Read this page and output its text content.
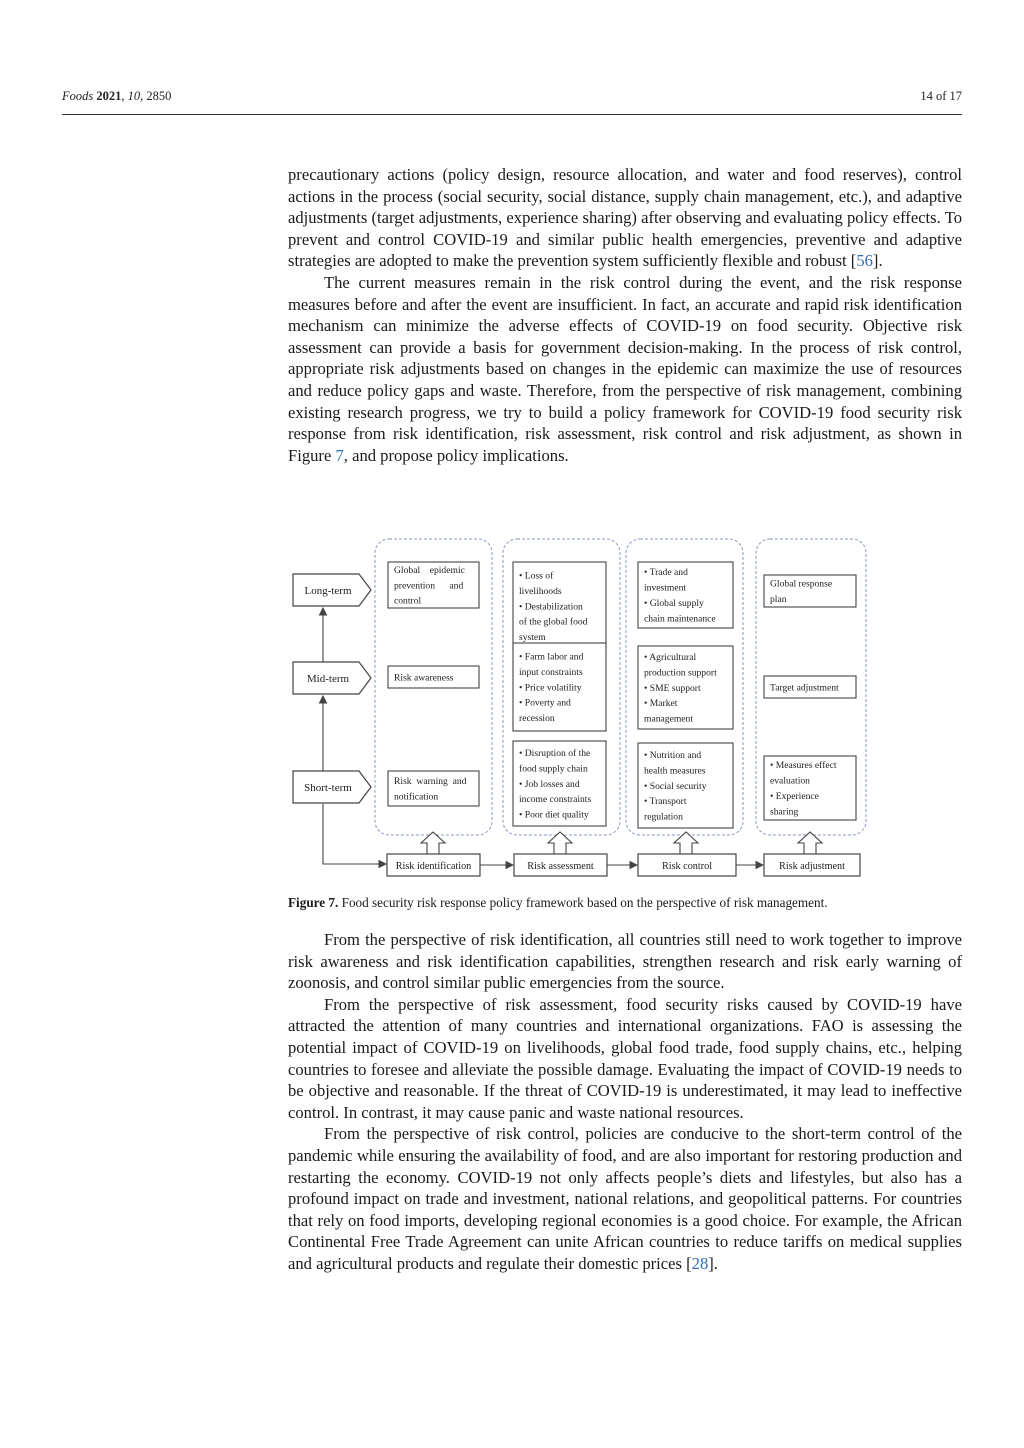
Foods 2021, 10, 2850	14 of 17

precautionary actions (policy design, resource allocation, and water and food reserves), control actions in the process (social security, social distance, supply chain management, etc.), and adaptive adjustments (target adjustments, experience sharing) after observing and evaluating policy effects. To prevent and control COVID-19 and similar public health emergencies, preventive and adaptive strategies are adopted to make the prevention system sufficiently flexible and robust [56].

The current measures remain in the risk control during the event, and the risk response measures before and after the event are insufficient. In fact, an accurate and rapid risk identification mechanism can minimize the adverse effects of COVID-19 on food security. Objective risk assessment can provide a basis for government decision-making. In the process of risk control, appropriate risk adjustments based on changes in the epidemic can maximize the use of resources and reduce policy gaps and waste. Therefore, from the perspective of risk management, combining existing research progress, we try to build a policy framework for COVID-19 food security risk response from risk identification, risk assessment, risk control and risk adjustment, as shown in Figure 7, and propose policy implications.

Long-term
Mid-term
Short-term
Global    epidemic
prevention      and
control
Risk awareness
Risk  warning  and
notification
• Loss of
livelihoods
• Destabilization
of the global food
system
• Farm labor and
input constraints
• Price volatility
• Poverty and
recession
• Disruption of the
food supply chain
• Job losses and
income constraints
• Poor diet quality
• Trade and
investment
• Global supply
chain maintenance
• Agricultural
production support
• SME support
• Market
management
• Nutrition and
health measures
• Social security
• Transport
regulation
Global response
plan
Target adjustment
• Measures effect
evaluation
• Experience
sharing
Risk identification	Risk assessment	Risk control	Risk adjustment
Figure 7. Food security risk response policy framework based on the perspective of risk management.

From the perspective of risk identification, all countries still need to work together to improve risk awareness and risk identification capabilities, strengthen research and risk early warning of zoonosis, and control similar public emergencies from the source.

From the perspective of risk assessment, food security risks caused by COVID-19 have attracted the attention of many countries and international organizations. FAO is assessing the potential impact of COVID-19 on livelihoods, global food trade, food supply chains, etc., helping countries to foresee and alleviate the possible damage. Evaluating the impact of COVID-19 needs to be objective and reasonable. If the threat of COVID-19 is underestimated, it may lead to ineffective control. In contrast, it may cause panic and waste national resources.

From the perspective of risk control, policies are conducive to the short-term control of the pandemic while ensuring the availability of food, and are also important for restoring production and restarting the economy. COVID-19 not only affects people’s diets and lifestyles, but also has a profound impact on trade and investment, national relations, and geopolitical patterns. For countries that rely on food imports, developing regional economies is a good choice. For example, the African Continental Free Trade Agreement can unite African countries to reduce tariffs on medical supplies and agricultural products and regulate their domestic prices [28].
